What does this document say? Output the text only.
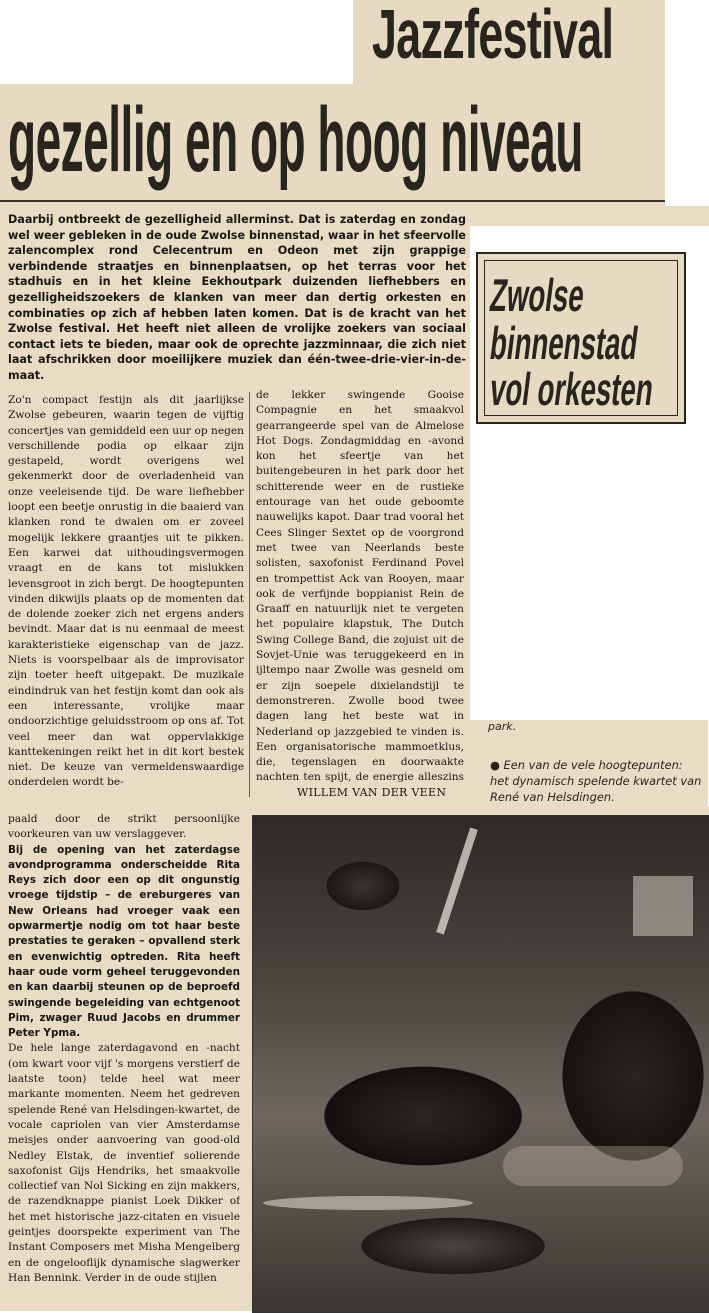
Jazzfestival
gezellig en op hoog niveau
Daarbij ontbreekt de gezelligheid allerminst. Dat is zaterdag en zondag wel weer gebleken in de oude Zwolse binnenstad, waar in het sfeervolle zalencomplex rond Celecentrum en Odeon met zijn grappige verbindende straatjes en binnenplaatsen, op het terras voor het stadhuis en in het kleine Eekhoutpark duizenden liefhebbers en gezelligheidszoekers de klanken van meer dan dertig orkesten en combinaties op zich af hebben laten komen. Dat is de kracht van het Zwolse festival. Het heeft niet alleen de vrolijke zoekers van sociaal contact iets te bieden, maar ook de oprechte jazzminnaar, die zich niet laat afschrikken door moeilijkere muziek dan één-twee-drie-vier-in-de-maat.
Zwolse
binnenstad
vol orkesten
Zo'n compact festijn als dit jaarlijkse Zwolse gebeuren, waarin tegen de vijftig concertjes van gemiddeld een uur op negen verschillende podia op elkaar zijn gestapeld, wordt overigens wel gekenmerkt door de overladenheid van onze veeleisende tijd. De ware liefhebber loopt een beetje onrustig in die baaierd van klanken rond te dwalen om er zoveel mogelijk lekkere graantjes uit te pikken. Een karwei dat uithoudingsvermogen vraagt en de kans tot mislukken levensgroot in zich bergt. De hoogtepunten vinden dikwijls plaats op de momenten dat de dolende zoeker zich net ergens anders bevindt. Maar dat is nu eenmaal de meest karakteristieke eigenschap van de jazz. Niets is voorspelbaar als de improvisator zijn toeter heeft uitgepakt. De muzikale eindindruk van het festijn komt dan ook als een interessante, vrolijke maar ondoorzichtige geluidsstroom op ons af. Tot veel meer dan wat oppervlakkige kanttekeningen reikt het in dit kort bestek niet. De keuze van vermeldenswaardige onderdelen wordt be-
de lekker swingende Gooise Compagnie en het smaakvol gearrangeerde spel van de Almelose Hot Dogs. Zondagmiddag en -avond kon het sfeertje van het buitengebeuren in het park door het schitterende weer en de rustieke entourage van het oude geboomte nauwelijks kapot. Daar trad vooral het Cees Slinger Sextet op de voorgrond met twee van Neerlands beste solisten, saxofonist Ferdinand Povel en trompettist Ack van Rooyen, maar ook de verfijnde boppianist Rein de Graaff en natuurlijk niet te vergeten het populaire klapstuk, The Dutch Swing College Band, die zojuist uit de Sovjet-Unie was teruggekeerd en in ijltempo naar Zwolle was gesneld om er zijn soepele dixielandstijl te demonstreren. Zwolle bood twee dagen lang het beste wat in Nederland op jazzgebied te vinden is. Een organisatorische mammoetklus, die, tegenslagen en doorwaakte nachten ten spijt, de energie alleszins
WILLEM VAN DER VEEN
park.
● Een van de vele hoogtepunten: het dynamisch spelende kwartet van René van Helsdingen.

paald door de strikt persoonlijke voorkeuren van uw verslaggever.

Bij de opening van het zaterdagse avondprogramma onderscheidde Rita Reys zich door een op dit ongunstig vroege tijdstip – de ereburgeres van New Orleans had vroeger vaak een opwarmertje nodig om tot haar beste prestaties te geraken – opvallend sterk en evenwichtig optreden. Rita heeft haar oude vorm geheel teruggevonden en kan daarbij steunen op de beproefd swingende begeleiding van echtgenoot Pim, zwager Ruud Jacobs en drummer Peter Ypma.

De hele lange zaterdagavond en -nacht (om kwart voor vijf 's morgens verstierf de laatste toon) telde heel wat meer markante momenten. Neem het gedreven spelende René van Helsdingen-kwartet, de vocale capriolen van vier Amsterdamse meisjes onder aanvoering van good-old Nedley Elstak, de inventief solierende saxofonist Gijs Hendriks, het smaakvolle collectief van Nol Sicking en zijn makkers, de razendknappe pianist Loek Dikker of het met historische jazz-citaten en visuele geintjes doorspekte experiment van The Instant Composers met Misha Mengelberg en de ongelooflijk dynamische slagwerker Han Bennink. Verder in de oude stijlen
